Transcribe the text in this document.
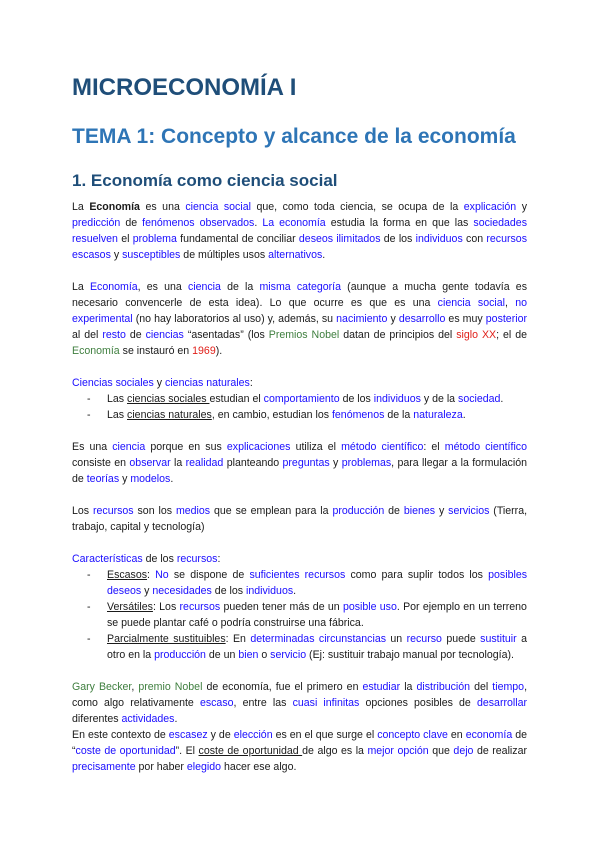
MICROECONOMÍA I
TEMA 1: Concepto y alcance de la economía
1. Economía como ciencia social

La Economía es una ciencia social que, como toda ciencia, se ocupa de la explicación y predicción de fenómenos observados. La economía estudia la forma en que las sociedades resuelven el problema fundamental de conciliar deseos ilimitados de los individuos con recursos escasos y susceptibles de múltiples usos alternativos.

La Economía, es una ciencia de la misma categoría (aunque a mucha gente todavía es necesario convencerle de esta idea). Lo que ocurre es que es una ciencia social, no experimental (no hay laboratorios al uso) y, además, su nacimiento y desarrollo es muy posterior al del resto de ciencias “asentadas” (los Premios Nobel datan de principios del siglo XX; el de Economía se instauró en 1969).

Ciencias sociales y ciencias naturales:

- Las ciencias sociales estudian el comportamiento de los individuos y de la sociedad.
- Las ciencias naturales, en cambio, estudian los fenómenos de la naturaleza.

Es una ciencia porque en sus explicaciones utiliza el método científico: el método científico consiste en observar la realidad planteando preguntas y problemas, para llegar a la formulación de teorías y modelos.

Los recursos son los medios que se emplean para la producción de bienes y servicios (Tierra, trabajo, capital y tecnología)

Características de los recursos:

- Escasos: No se dispone de suficientes recursos como para suplir todos los posibles deseos y necesidades de los individuos.
- Versátiles: Los recursos pueden tener más de un posible uso. Por ejemplo en un terreno se puede plantar café o podría construirse una fábrica.
- Parcialmente sustituibles: En determinadas circunstancias un recurso puede sustituir a otro en la producción de un bien o servicio (Ej: sustituir trabajo manual por tecnología).

Gary Becker, premio Nobel de economía, fue el primero en estudiar la distribución del tiempo, como algo relativamente escaso, entre las cuasi infinitas opciones posibles de desarrollar diferentes actividades.

En este contexto de escasez y de elección es en el que surge el concepto clave en economía de “coste de oportunidad”. El coste de oportunidad de algo es la mejor opción que dejo de realizar precisamente por haber elegido hacer ese algo.
